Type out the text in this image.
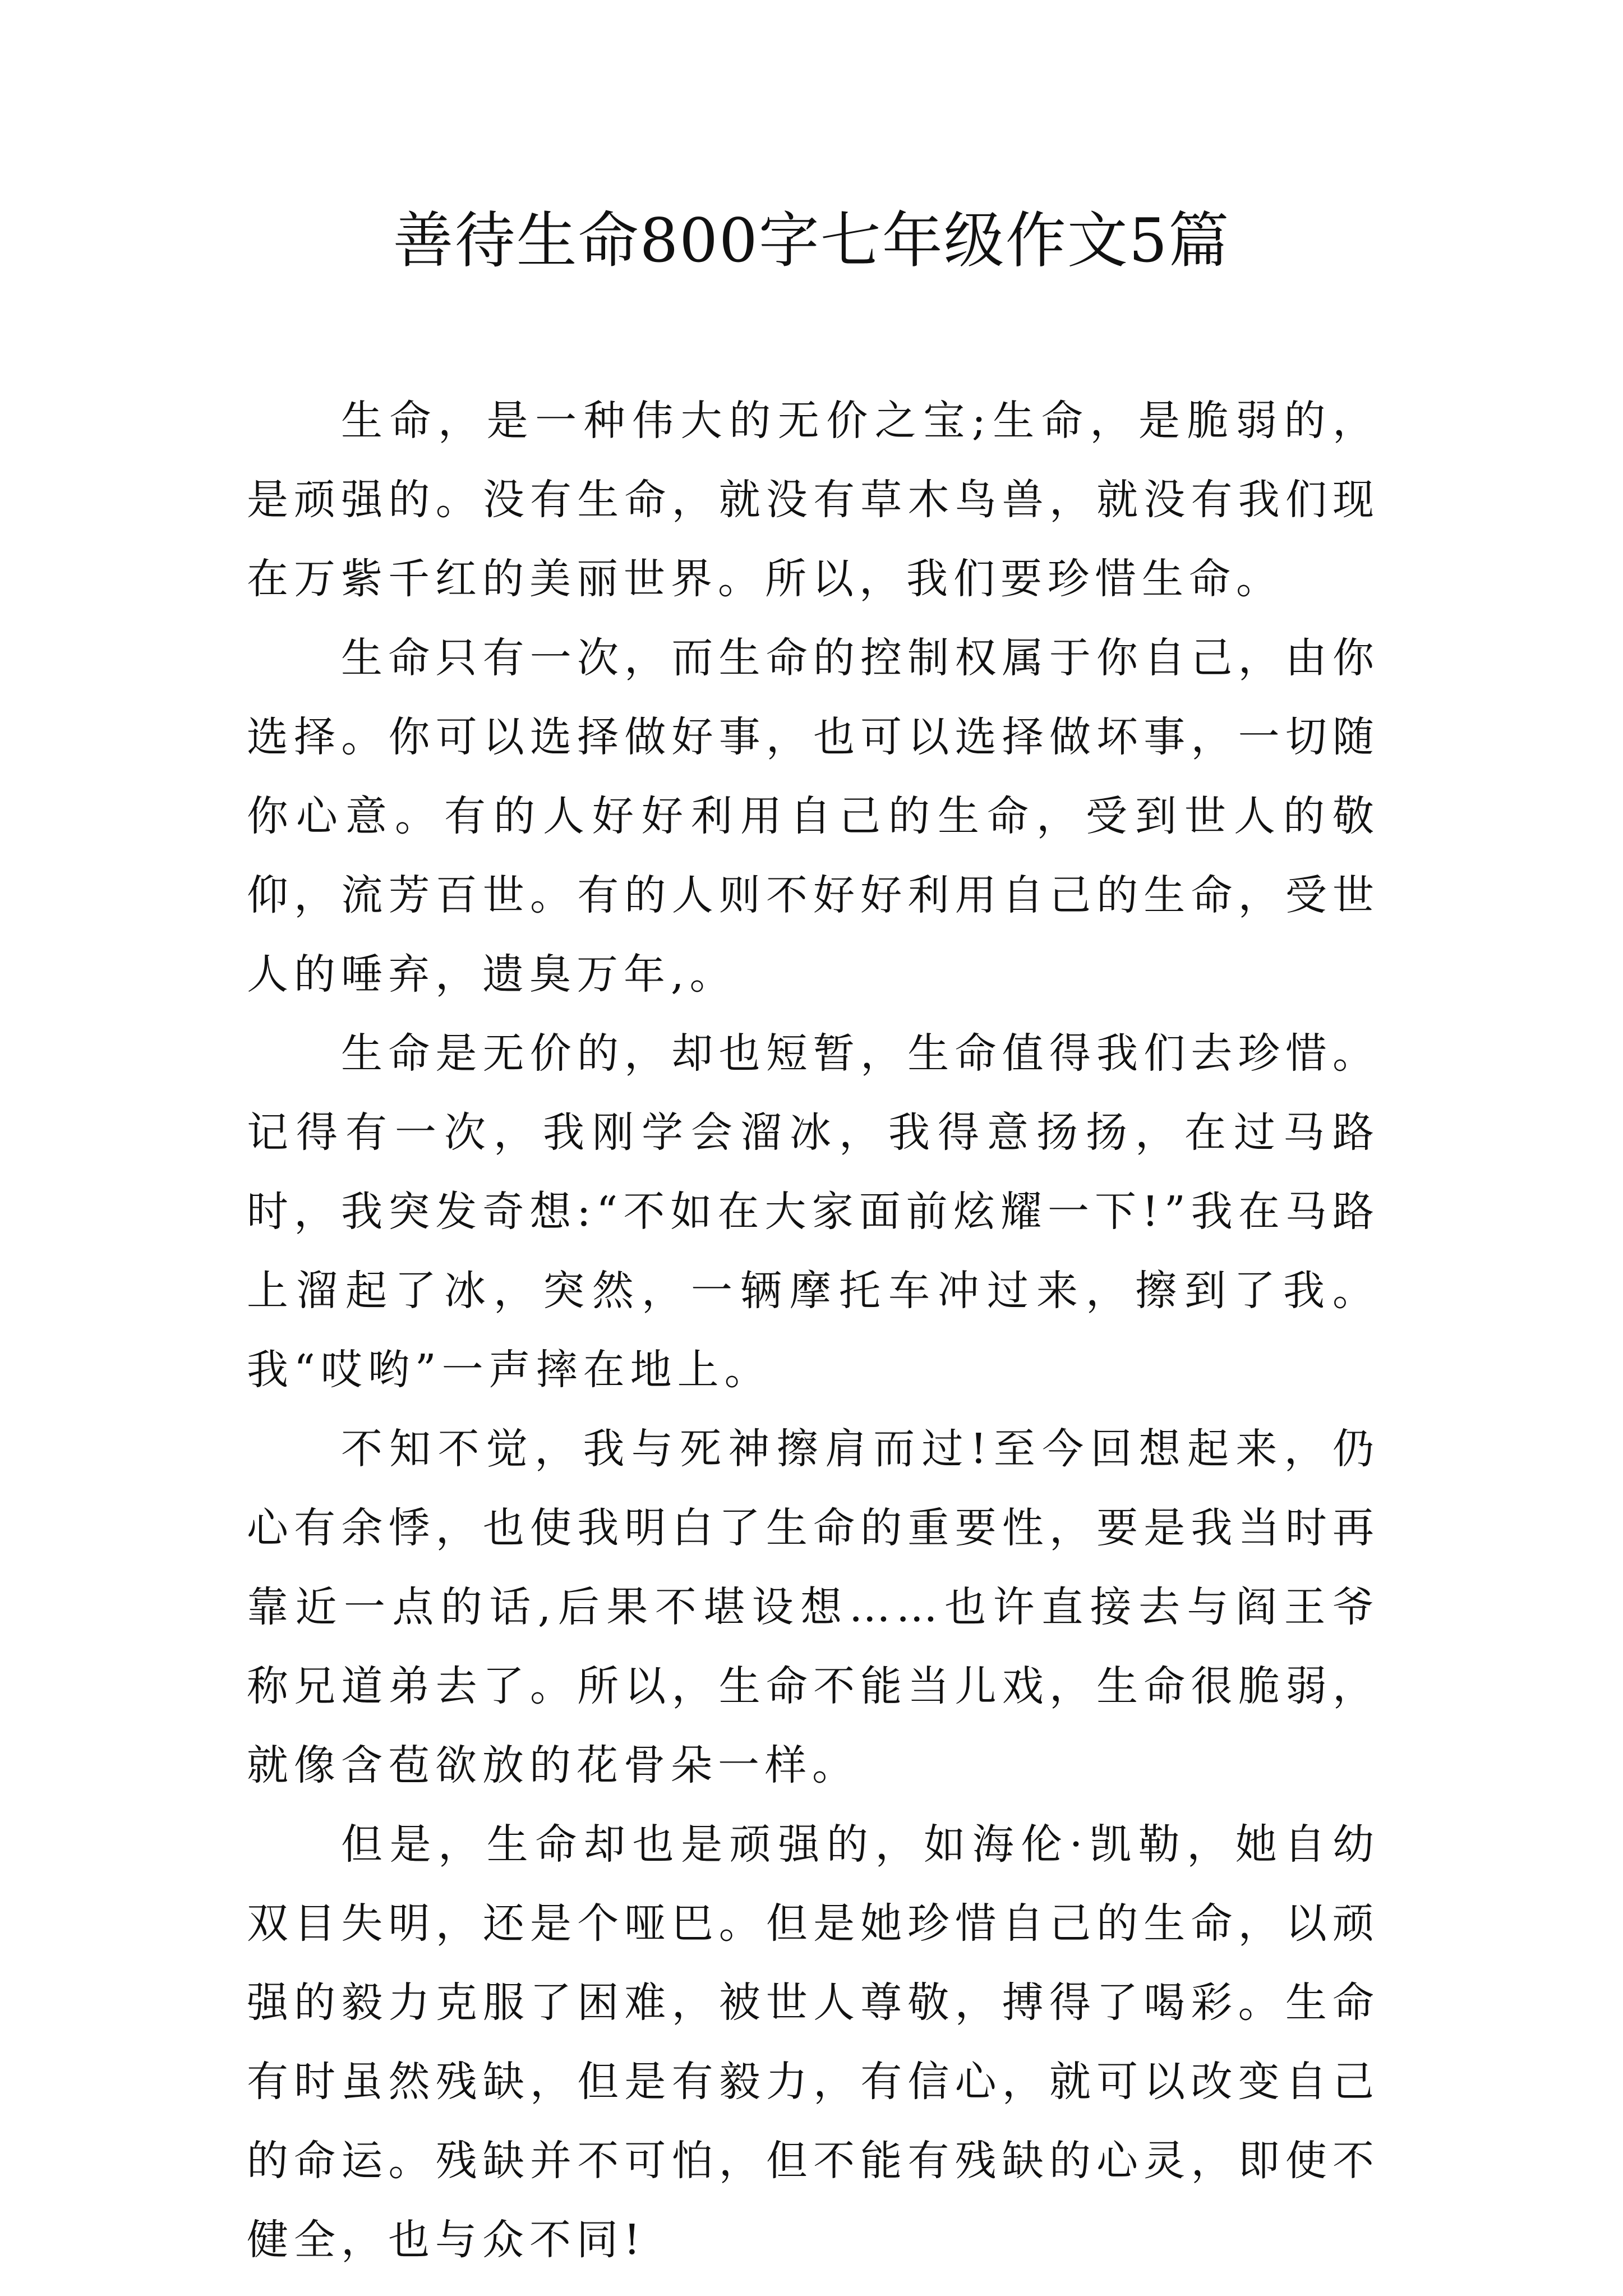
善待生命800字七年级作文5篇

生命，是一种伟大的无价之宝;生命，是脆弱的，是顽强的。没有生命，就没有草木鸟兽，就没有我们现在万紫千红的美丽世界。所以，我们要珍惜生命。

生命只有一次，而生命的控制权属于你自己，由你选择。你可以选择做好事，也可以选择做坏事，一切随你心意。有的人好好利用自己的生命，受到世人的敬仰，流芳百世。有的人则不好好利用自己的生命，受世人的唾弃，遗臭万年,。

生命是无价的，却也短暂，生命值得我们去珍惜。记得有一次，我刚学会溜冰，我得意扬扬，在过马路时，我突发奇想:“不如在大家面前炫耀一下!”我在马路上溜起了冰，突然，一辆摩托车冲过来，擦到了我。我“哎哟”一声摔在地上。

不知不觉，我与死神擦肩而过!至今回想起来，仍心有余悸，也使我明白了生命的重要性，要是我当时再靠近一点的话,后果不堪设想……也许直接去与阎王爷称兄道弟去了。所以，生命不能当儿戏，生命很脆弱，就像含苞欲放的花骨朵一样。

但是，生命却也是顽强的，如海伦·凯勒，她自幼双目失明，还是个哑巴。但是她珍惜自己的生命，以顽强的毅力克服了困难，被世人尊敬，搏得了喝彩。生命有时虽然残缺，但是有毅力，有信心，就可以改变自己的命运。残缺并不可怕，但不能有残缺的心灵，即使不健全，也与众不同!
